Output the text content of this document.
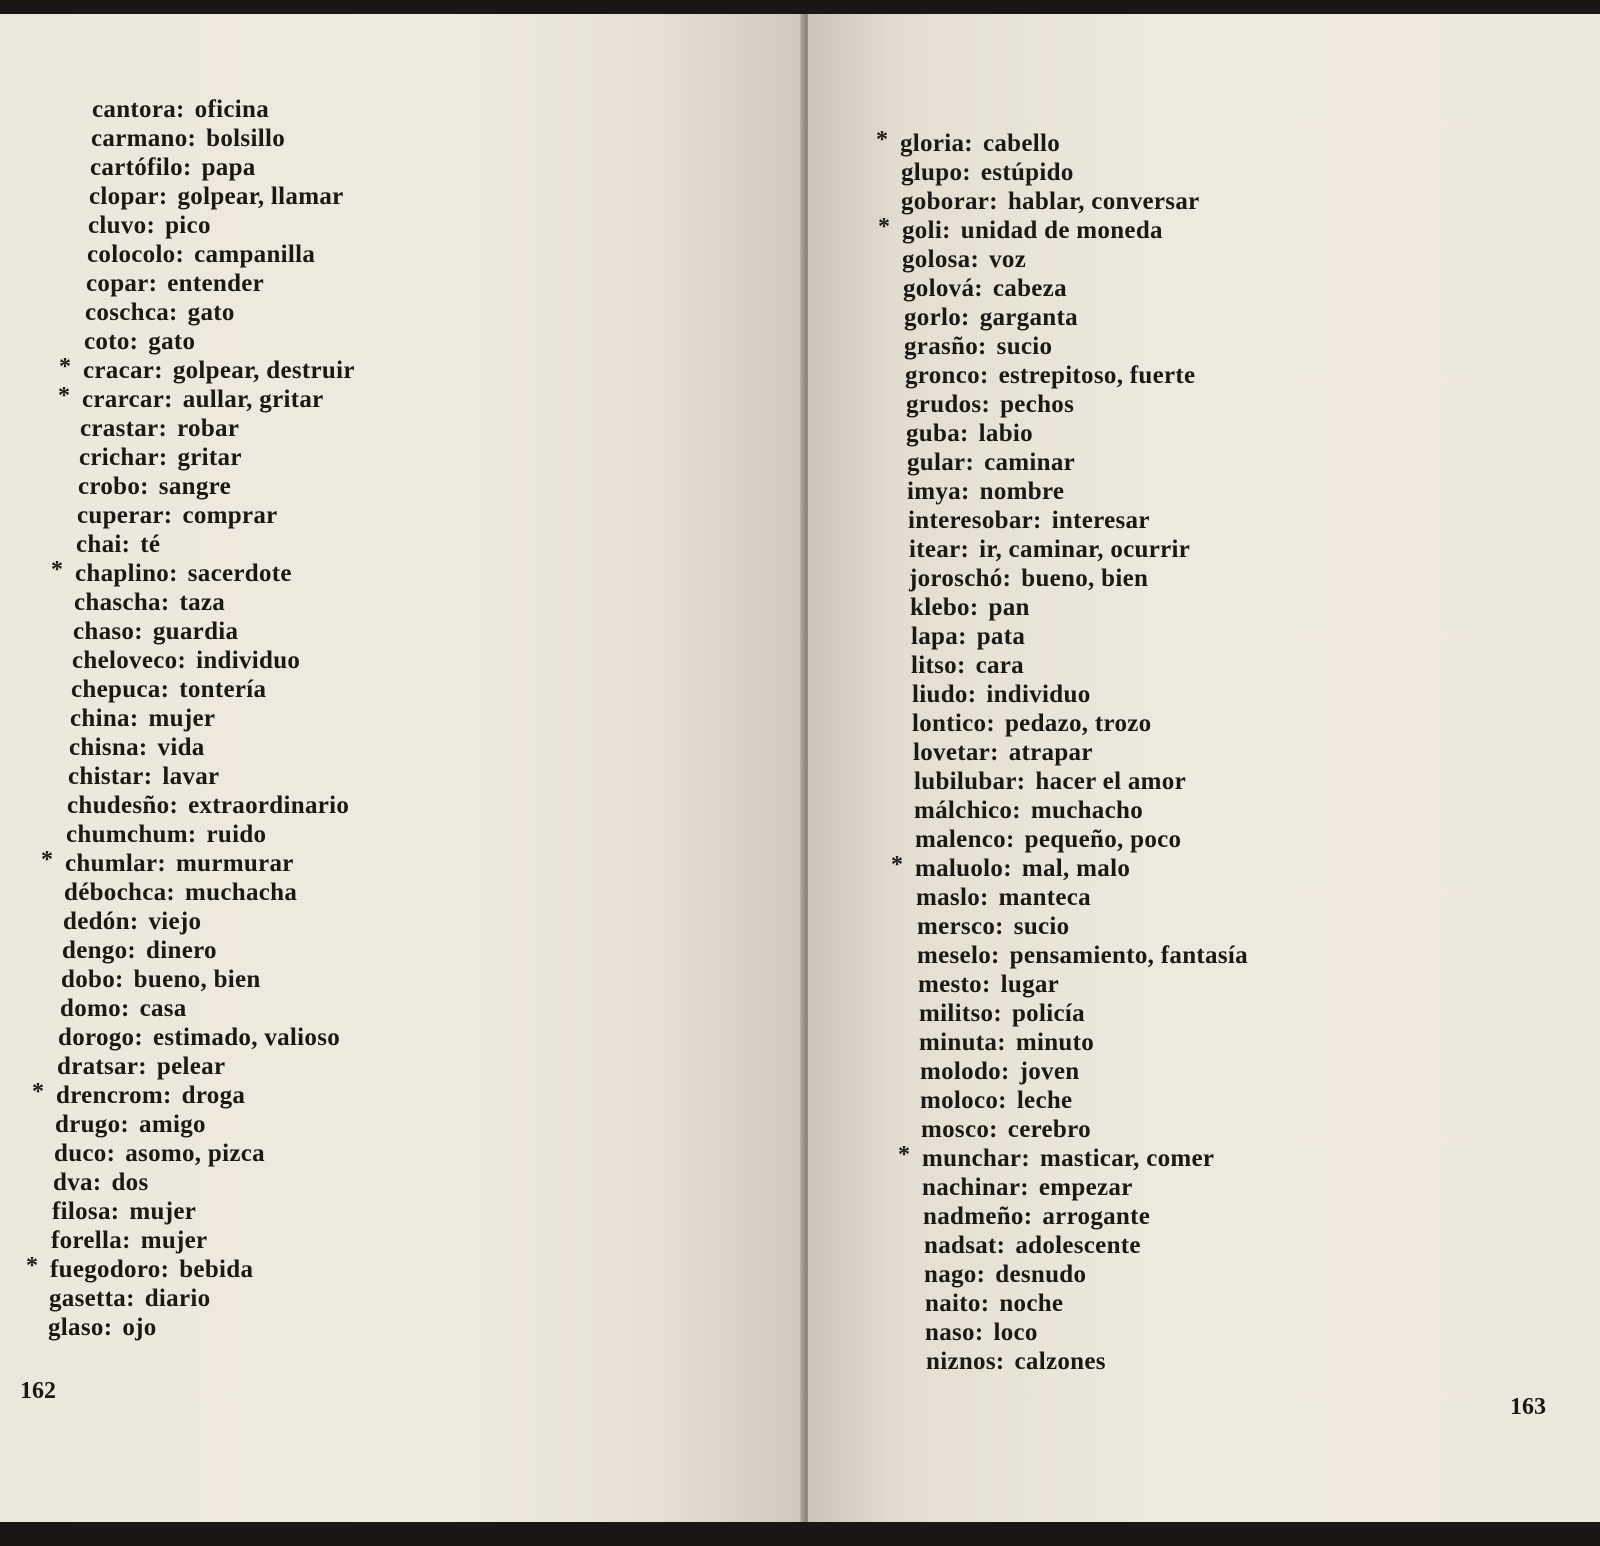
162
cantora: oficina
carmano: bolsillo
cartófilo: papa
clopar: golpear, llamar
cluvo: pico
colocolo: campanilla
copar: entender
coschca: gato
coto: gato
* cracar: golpear, destruir
* crarcar: aullar, gritar
crastar: robar
crichar: gritar
crobo: sangre
cuperar: comprar
chai: té
* chaplino: sacerdote
chascha: taza
chaso: guardia
cheloveco: individuo
chepuca: tontería
china: mujer
chisna: vida
chistar: lavar
chudesño: extraordinario
chumchum: ruido
* chumlar: murmurar
débochca: muchacha
dedón: viejo
dengo: dinero
dobo: bueno, bien
domo: casa
dorogo: estimado, valioso
dratsar: pelear
* drencrom: droga
drugo: amigo
duco: asomo, pizca
dva: dos
filosa: mujer
forella: mujer
* fuegodoro: bebida
gasetta: diario
glaso: ojo
163
* gloria: cabello
glupo: estúpido
goborar: hablar, conversar
* goli: unidad de moneda
golosa: voz
golová: cabeza
gorlo: garganta
grasño: sucio
gronco: estrepitoso, fuerte
grudos: pechos
guba: labio
gular: caminar
imya: nombre
interesobar: interesar
itear: ir, caminar, ocurrir
joroschó: bueno, bien
klebo: pan
lapa: pata
litso: cara
liudo: individuo
lontico: pedazo, trozo
lovetar: atrapar
lubilubar: hacer el amor
málchico: muchacho
malenco: pequeño, poco
* maluolo: mal, malo
maslo: manteca
mersco: sucio
meselo: pensamiento, fantasía
mesto: lugar
militso: policía
minuta: minuto
molodo: joven
moloco: leche
mosco: cerebro
* munchar: masticar, comer
nachinar: empezar
nadmeño: arrogante
nadsat: adolescente
nago: desnudo
naito: noche
naso: loco
niznos: calzones
